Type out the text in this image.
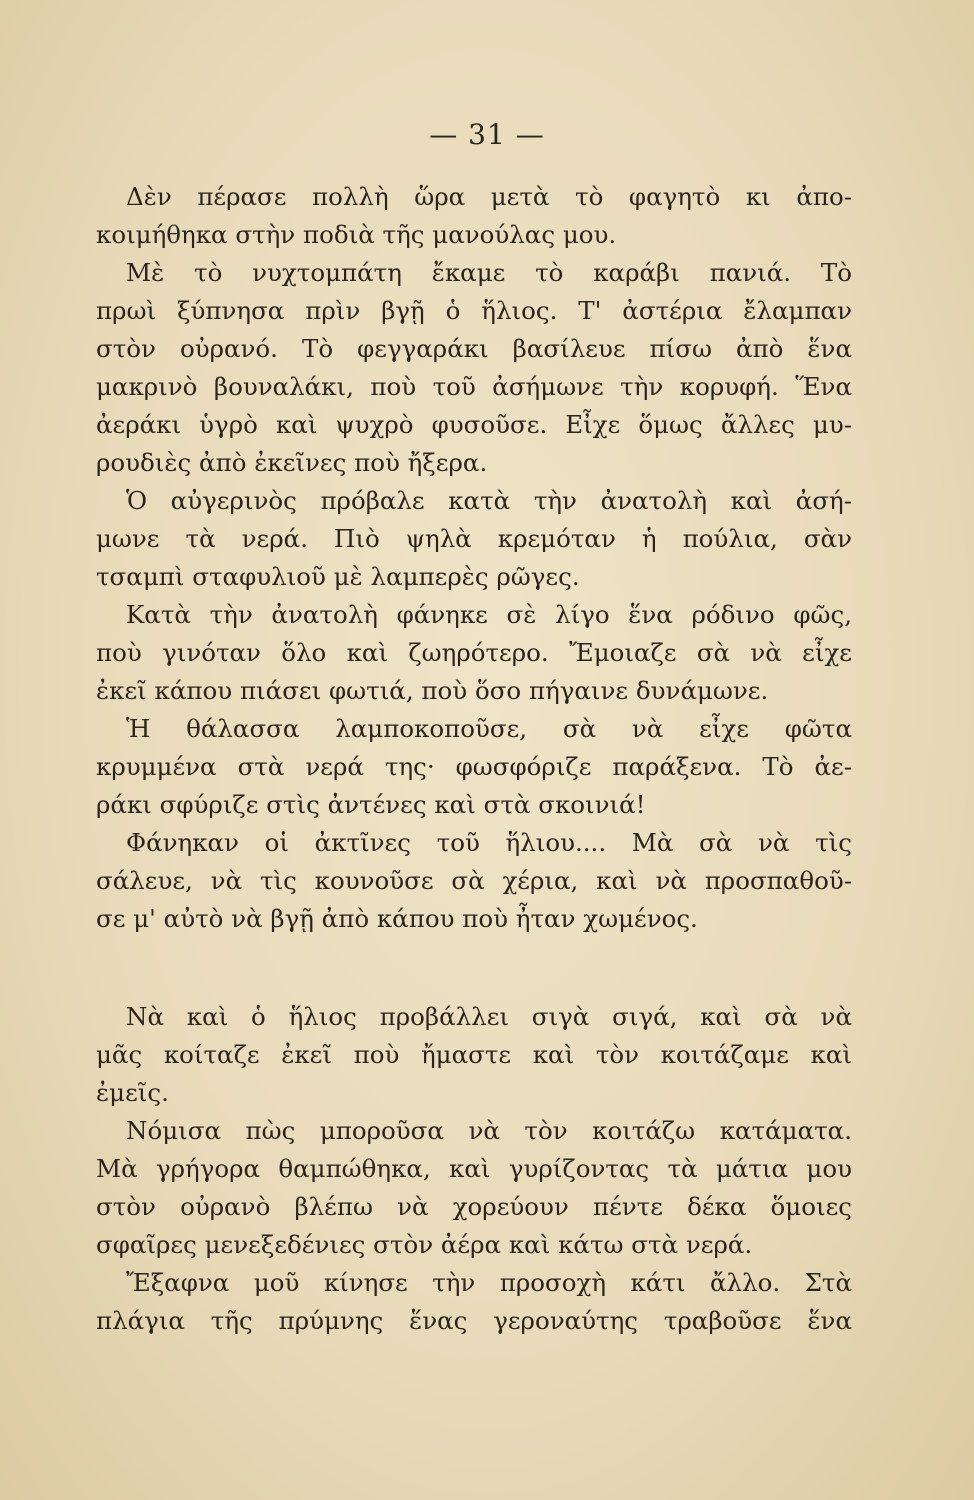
— 31 —
Δὲν πέρασε πολλὴ ὥρα μετὰ τὸ φαγητὸ κι ἀπο-
κοιμήθηκα στὴν ποδιὰ τῆς μανούλας μου.
Μὲ τὸ νυχτομπάτη ἔκαμε τὸ καράβι πανιά. Τὸ
πρωὶ ξύπνησα πρὶν βγῇ ὁ ἥλιος. Τ' ἀστέρια ἔλαμπαν
στὸν οὐρανό. Τὸ φεγγαράκι βασίλευε πίσω ἀπὸ ἕνα
μακρινὸ βουναλάκι, ποὺ τοῦ ἀσήμωνε τὴν κορυφή. Ἕνα
ἀεράκι ὑγρὸ καὶ ψυχρὸ φυσοῦσε. Εἶχε ὅμως ἄλλες μυ-
ρουδιὲς ἀπὸ ἐκεῖνες ποὺ ἤξερα.
Ὁ αὐγερινὸς πρόβαλε κατὰ τὴν ἀνατολὴ καὶ ἀσή-
μωνε τὰ νερά. Πιὸ ψηλὰ κρεμόταν ἡ πούλια, σὰν
τσαμπὶ σταφυλιοῦ μὲ λαμπερὲς ρῶγες.
Κατὰ τὴν ἀνατολὴ φάνηκε σὲ λίγο ἕνα ρόδινο φῶς,
ποὺ γινόταν ὅλο καὶ ζωηρότερο. Ἔμοιαζε σὰ νὰ εἶχε
ἐκεῖ κάπου πιάσει φωτιά, ποὺ ὅσο πήγαινε δυνάμωνε.
Ἡ θάλασσα λαμποκοποῦσε, σὰ νὰ εἶχε φῶτα
κρυμμένα στὰ νερά της· φωσφόριζε παράξενα. Τὸ ἀε-
ράκι σφύριζε στὶς ἀντένες καὶ στὰ σκοινιά!
Φάνηκαν οἱ ἀκτῖνες τοῦ ἥλιου.... Μὰ σὰ νὰ τὶς
σάλευε, νὰ τὶς κουνοῦσε σὰ χέρια, καὶ νὰ προσπαθοῦ-
σε μ' αὐτὸ νὰ βγῇ ἀπὸ κάπου ποὺ ἦταν χωμένος.
Νὰ καὶ ὁ ἥλιος προβάλλει σιγὰ σιγά, καὶ σὰ νὰ
μᾶς κοίταζε ἐκεῖ ποὺ ἤμαστε καὶ τὸν κοιτάζαμε καὶ
ἐμεῖς.
Νόμισα πὼς μποροῦσα νὰ τὸν κοιτάζω κατάματα.
Μὰ γρήγορα θαμπώθηκα, καὶ γυρίζοντας τὰ μάτια μου
στὸν οὐρανὸ βλέπω νὰ χορεύουν πέντε δέκα ὅμοιες
σφαῖρες μενεξεδένιες στὸν ἀέρα καὶ κάτω στὰ νερά.
Ἔξαφνα μοῦ κίνησε τὴν προσοχὴ κάτι ἄλλο. Στὰ
πλάγια τῆς πρύμνης ἕνας γεροναύτης τραβοῦσε ἕνα
